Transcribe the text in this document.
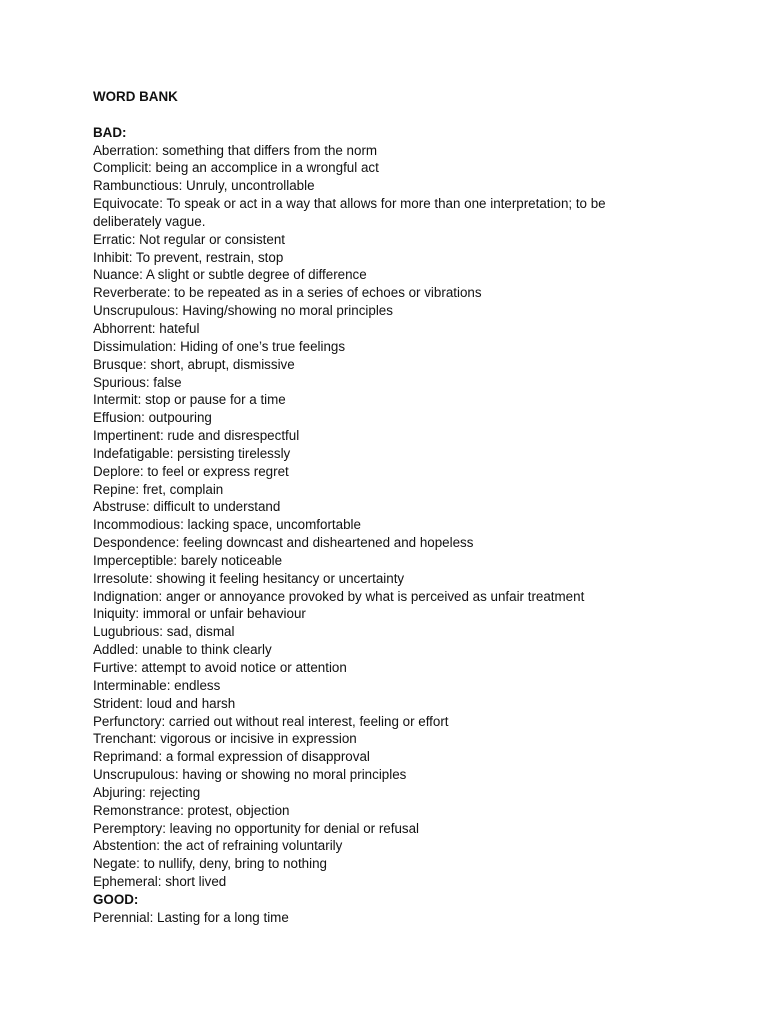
WORD BANK

BAD:

Aberration: something that differs from the norm

Complicit: being an accomplice in a wrongful act

Rambunctious: Unruly, uncontrollable

Equivocate: To speak or act in a way that allows for more than one interpretation; to be deliberately vague.

Erratic: Not regular or consistent

Inhibit: To prevent, restrain, stop

Nuance: A slight or subtle degree of difference

Reverberate: to be repeated as in a series of echoes or vibrations

Unscrupulous: Having/showing no moral principles

Abhorrent: hateful

Dissimulation: Hiding of one’s true feelings

Brusque: short, abrupt, dismissive

Spurious: false

Intermit: stop or pause for a time

Effusion: outpouring

Impertinent: rude and disrespectful

Indefatigable: persisting tirelessly

Deplore: to feel or express regret

Repine: fret, complain

Abstruse: difficult to understand

Incommodious: lacking space, uncomfortable

Despondence: feeling downcast and disheartened and hopeless

Imperceptible: barely noticeable

Irresolute: showing it feeling hesitancy or uncertainty

Indignation: anger or annoyance provoked by what is perceived as unfair treatment

Iniquity: immoral or unfair behaviour

Lugubrious: sad, dismal

Addled: unable to think clearly

Furtive: attempt to avoid notice or attention

Interminable: endless

Strident: loud and harsh

Perfunctory: carried out without real interest, feeling or effort

Trenchant: vigorous or incisive in expression

Reprimand: a formal expression of disapproval

Unscrupulous: having or showing no moral principles

Abjuring: rejecting

Remonstrance: protest, objection

Peremptory: leaving no opportunity for denial or refusal

Abstention: the act of refraining voluntarily

Negate: to nullify, deny, bring to nothing

Ephemeral: short lived

GOOD:

Perennial: Lasting for a long time
